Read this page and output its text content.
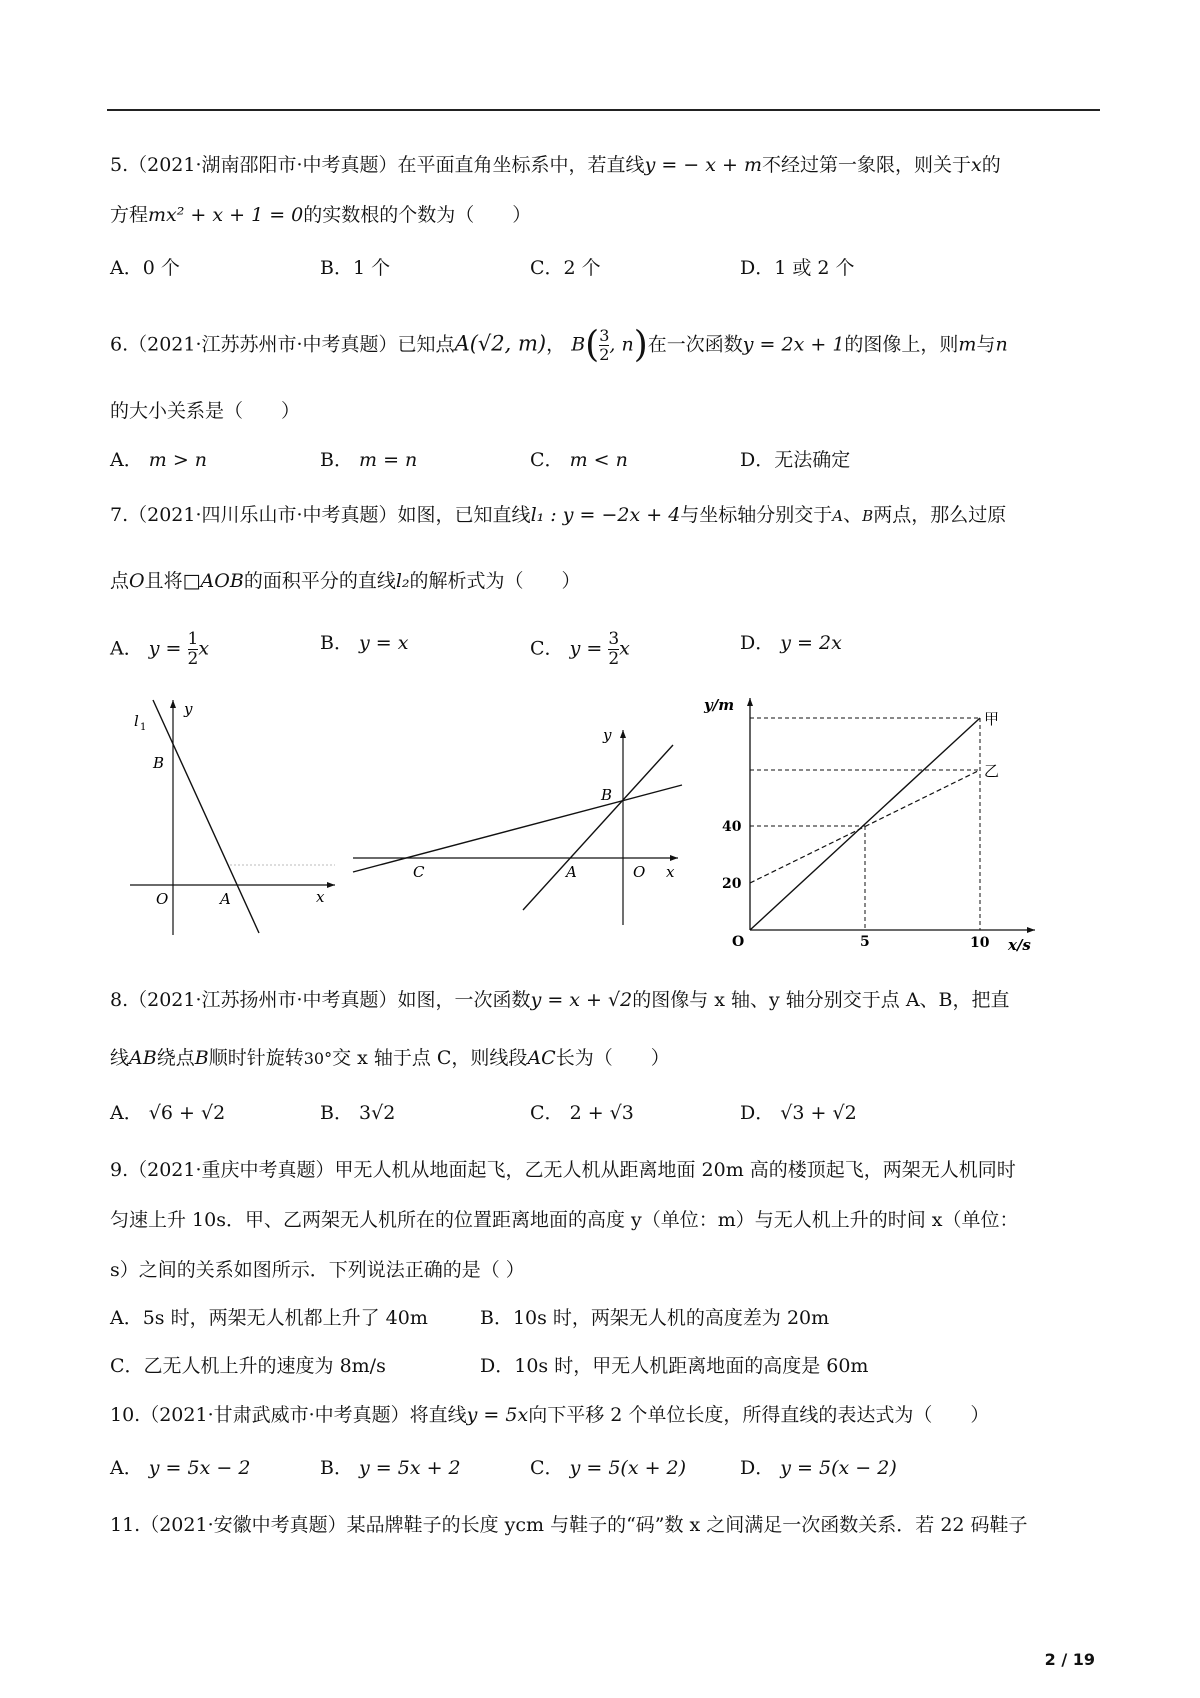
5.（2021·湖南邵阳市·中考真题）在平面直角坐标系中，若直线y = − x + m不经过第一象限，则关于x的
方程mx² + x + 1 = 0的实数根的个数为（　　）
A．0 个	B．1 个	C．2 个	D．1 或 2 个
6.（2021·江苏苏州市·中考真题）已知点A(√2, m)， $B(\frac{3}{2}$ , n)在一次函数y = 2x + 1的图像上，则m与n
的大小关系是（　　）
A． m > n	B． m = n	C． m < n	D．无法确定
7.（2021·四川乐山市·中考真题）如图，已知直线l₁ : y = −2x + 4与坐标轴分别交于A、B两点，那么过原
点O且将□AOB的面积平分的直线l₂的解析式为（　　）
A． $y = \frac{1}{2}$ x	B． y = x	C． $y = \frac{3}{2}$ x	D． y = 2x
l 1
y
B
O	A	x
y
B
C	A	O x
y/m
甲
乙
40
20
O	5	10 x/s
8.（2021·江苏扬州市·中考真题）如图，一次函数y = x + √2的图像与 x 轴、y 轴分别交于点 A、B，把直
线AB绕点B顺时针旋转30°交 x 轴于点 C，则线段AC长为（　　）
A． √6 + √2	B． 3√2	C． 2 + √3	D． √3 + √2
9.（2021·重庆中考真题）甲无人机从地面起飞，乙无人机从距离地面 20m 高的楼顶起飞，两架无人机同时
匀速上升 10s．甲、乙两架无人机所在的位置距离地面的高度 y（单位：m）与无人机上升的时间 x（单位：
s）之间的关系如图所示．下列说法正确的是（ ）
A．5s 时，两架无人机都上升了 40m	B．10s 时，两架无人机的高度差为 20m
C．乙无人机上升的速度为 8m/s	D．10s 时，甲无人机距离地面的高度是 60m
10.（2021·甘肃武威市·中考真题）将直线y = 5x向下平移 2 个单位长度，所得直线的表达式为（　　）
A． y = 5x − 2	B． y = 5x + 2	C． y = 5(x + 2)	D． y = 5(x − 2)
11.（2021·安徽中考真题）某品牌鞋子的长度 ycm 与鞋子的“码”数 x 之间满足一次函数关系．若 22 码鞋子
2 / 19
